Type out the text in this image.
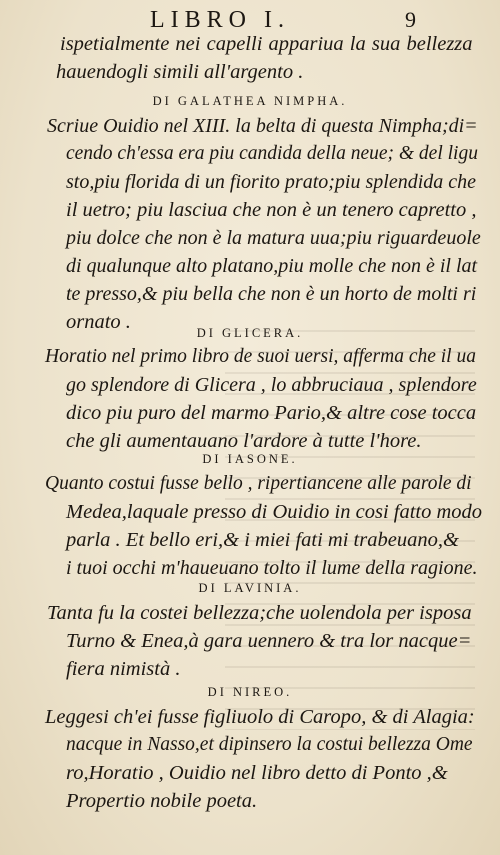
LIBRO I.	9
ispetialmente nei capelli appariua la sua bellezza
hauendogli simili all'argento .
DI GALATHEA NIMPHA.
Scriue Ouidio nel XIII. la belta di questa Nimpha;di=
cendo ch'essa era piu candida della neue; & del ligu
sto,piu florida di un fiorito prato;piu splendida che
il uetro; piu lasciua che non è un tenero capretto ,
piu dolce che non è la matura uua;piu riguardeuole
di qualunque alto platano,piu molle che non è il lat
te presso,& piu bella che non è un horto de molti ri
ornato .	DI GLICERA.
Horatio nel primo libro de suoi uersi, afferma che il ua
go splendore di Glicera , lo abbruciaua , splendore
dico piu puro del marmo Pario,& altre cose tocca
che gli aumentauano l'ardore à tutte l'hore.
DI IASONE.
Quanto costui fusse bello , ripertiancene alle parole di
Medea,laquale presso di Ouidio in cosi fatto modo
parla . Et bello eri,& i miei fati mi trabeuano,&
i tuoi occhi m'haueuano tolto il lume della ragione.
DI LAVINIA.
Tanta fu la costei bellezza;che uolendola per isposa
Turno & Enea,à gara uennero & tra lor nacque=
fiera nimistà .
DI NIREO.
Leggesi ch'ei fusse figliuolo di Caropo, & di Alagia:
nacque in Nasso,et dipinsero la costui bellezza Ome
ro,Horatio , Ouidio nel libro detto di Ponto ,&
Propertio nobile poeta.
